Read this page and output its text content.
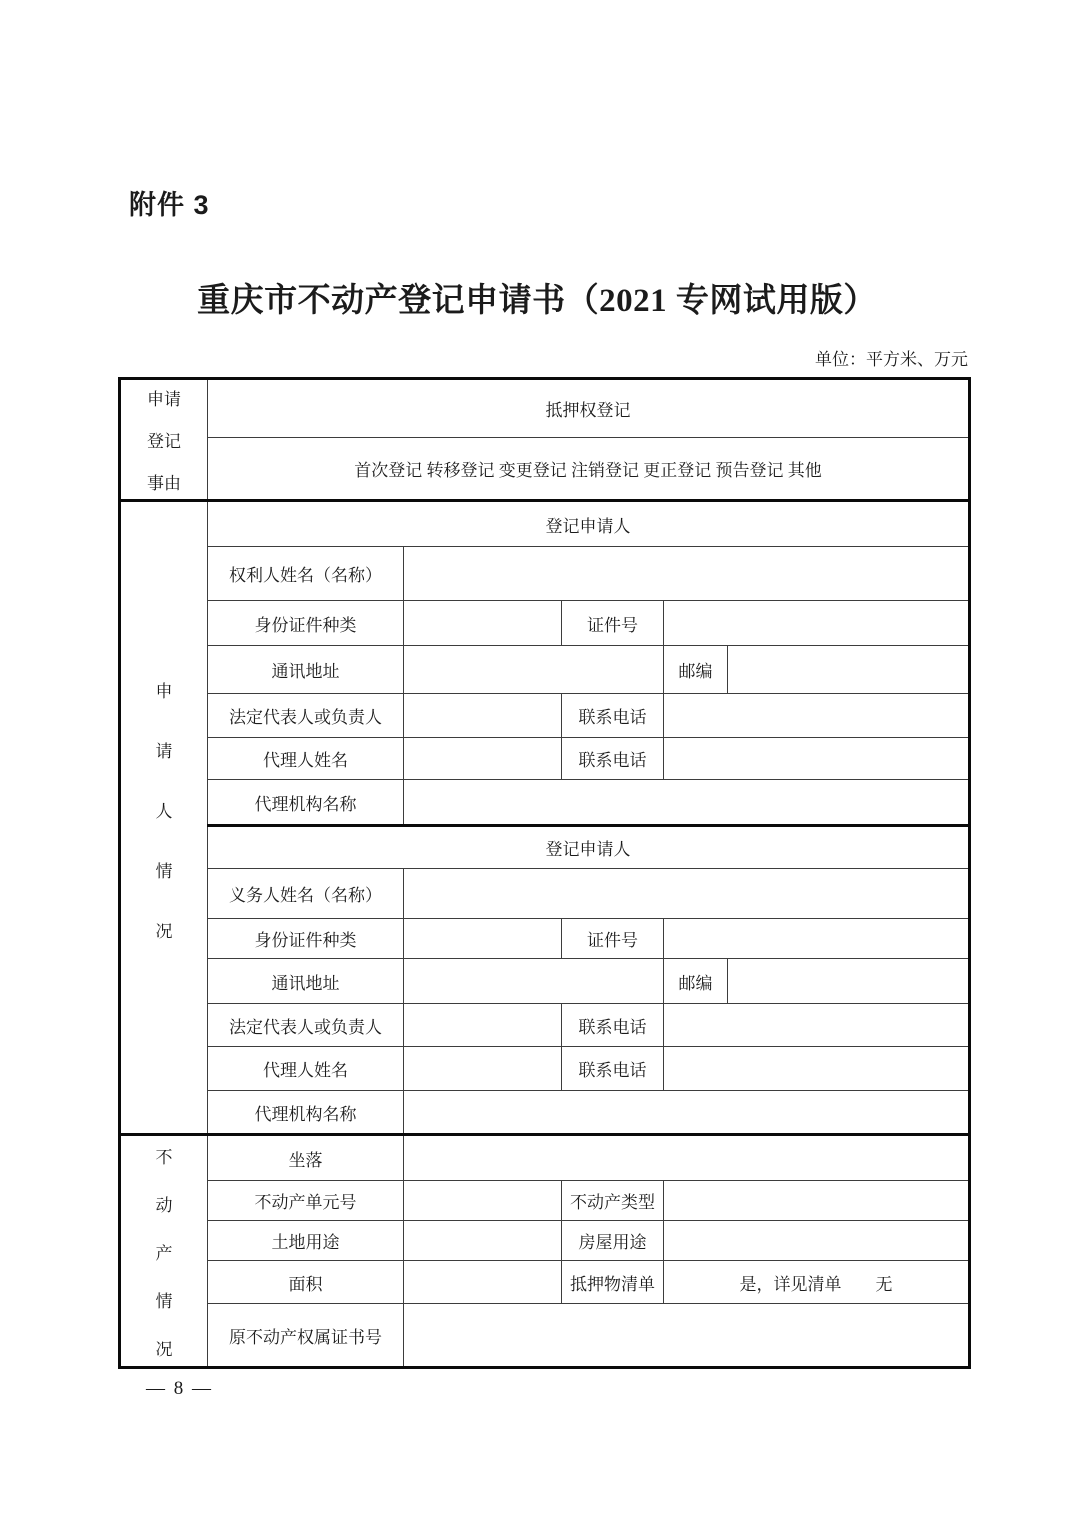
附件 3
重庆市不动产登记申请书（2021 专网试用版）
单位：平方米、万元
申请
登记
事由	抵押权登记				
	首次登记 转移登记 变更登记 注销登记 更正登记 预告登记 其他				

申
请
人
情
况	登记申请人				
	权利人姓名（名称）				
	身份证件种类		证件号		
	通讯地址			邮编	
	法定代表人或负责人		联系电话		
	代理人姓名		联系电话		
	代理机构名称				
	登记申请人				
	义务人姓名（名称）				
	身份证件种类		证件号		
	通讯地址			邮编	
	法定代表人或负责人		联系电话		
	代理人姓名		联系电话		
	代理机构名称				

不
动
产
情
况	坐落				
	不动产单元号		不动产类型		
	土地用途		房屋用途		
	面积		抵押物清单	是，详见清单　　无	
	原不动产权属证书号				
— 8 —
